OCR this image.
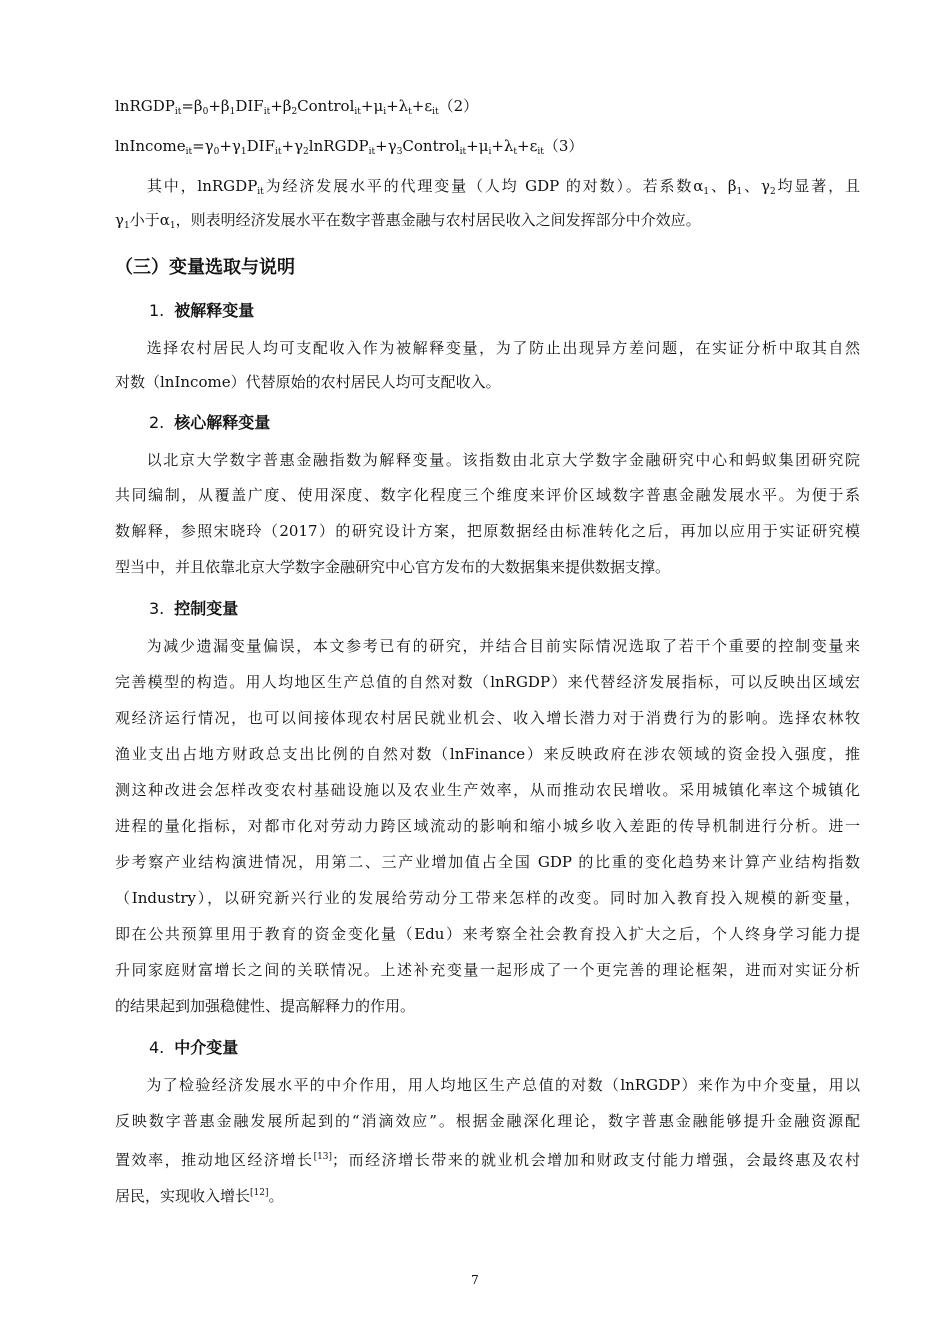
$lnRGDP_{it}=\beta_0+\beta_1DIF_{it}+\beta_2Control_{it}+\mu_i+\lambda_t+\varepsilon_{it}(2)$
$lnIncome_{it}=\gamma_0+\gamma_1DIF_{it}+\gamma_2lnRGDP_{it}+\gamma_3Control_{it}+\mu_i+\lambda_t+\varepsilon_{it}(3)$
其中，lnRGDP$_{it}$为经济发展水平的代理变量（人均 GDP 的对数）。若系数$\alpha_1$、$\beta_1$、$\gamma_2$均显著，且
$\gamma_1$小于$\alpha_1$，则表明经济发展水平在数字普惠金融与农村居民收入之间发挥部分中介效应。
（三）变量选取与说明
1. 被解释变量
选择农村居民人均可支配收入作为被解释变量，为了防止出现异方差问题，在实证分析中取其自然
对数（lnIncome）代替原始的农村居民人均可支配收入。
2. 核心解释变量
以北京大学数字普惠金融指数为解释变量。该指数由北京大学数字金融研究中心和蚂蚁集团研究院
共同编制，从覆盖广度、使用深度、数字化程度三个维度来评价区域数字普惠金融发展水平。为便于系
数解释，参照宋晓玲（2017）的研究设计方案，把原数据经由标准转化之后，再加以应用于实证研究模
型当中，并且依靠北京大学数字金融研究中心官方发布的大数据集来提供数据支撑。
3. 控制变量
为减少遗漏变量偏误，本文参考已有的研究，并结合目前实际情况选取了若干个重要的控制变量来
完善模型的构造。用人均地区生产总值的自然对数（lnRGDP）来代替经济发展指标，可以反映出区域宏
观经济运行情况，也可以间接体现农村居民就业机会、收入增长潜力对于消费行为的影响。选择农林牧
渔业支出占地方财政总支出比例的自然对数（lnFinance）来反映政府在涉农领域的资金投入强度，推
测这种改进会怎样改变农村基础设施以及农业生产效率，从而推动农民增收。采用城镇化率这个城镇化
进程的量化指标，对都市化对劳动力跨区域流动的影响和缩小城乡收入差距的传导机制进行分析。进一
步考察产业结构演进情况，用第二、三产业增加值占全国 GDP 的比重的变化趋势来计算产业结构指数
（Industry），以研究新兴行业的发展给劳动分工带来怎样的改变。同时加入教育投入规模的新变量，
即在公共预算里用于教育的资金变化量（Edu）来考察全社会教育投入扩大之后，个人终身学习能力提
升同家庭财富增长之间的关联情况。上述补充变量一起形成了一个更完善的理论框架，进而对实证分析
的结果起到加强稳健性、提高解释力的作用。
4. 中介变量
为了检验经济发展水平的中介作用，用人均地区生产总值的对数（lnRGDP）来作为中介变量，用以
反映数字普惠金融发展所起到的“消滴效应”。根据金融深化理论，数字普惠金融能够提升金融资源配
置效率，推动地区经济增长[13]；而经济增长带来的就业机会增加和财政支付能力增强，会最终惠及农村
居民，实现收入增长[12]。
7
